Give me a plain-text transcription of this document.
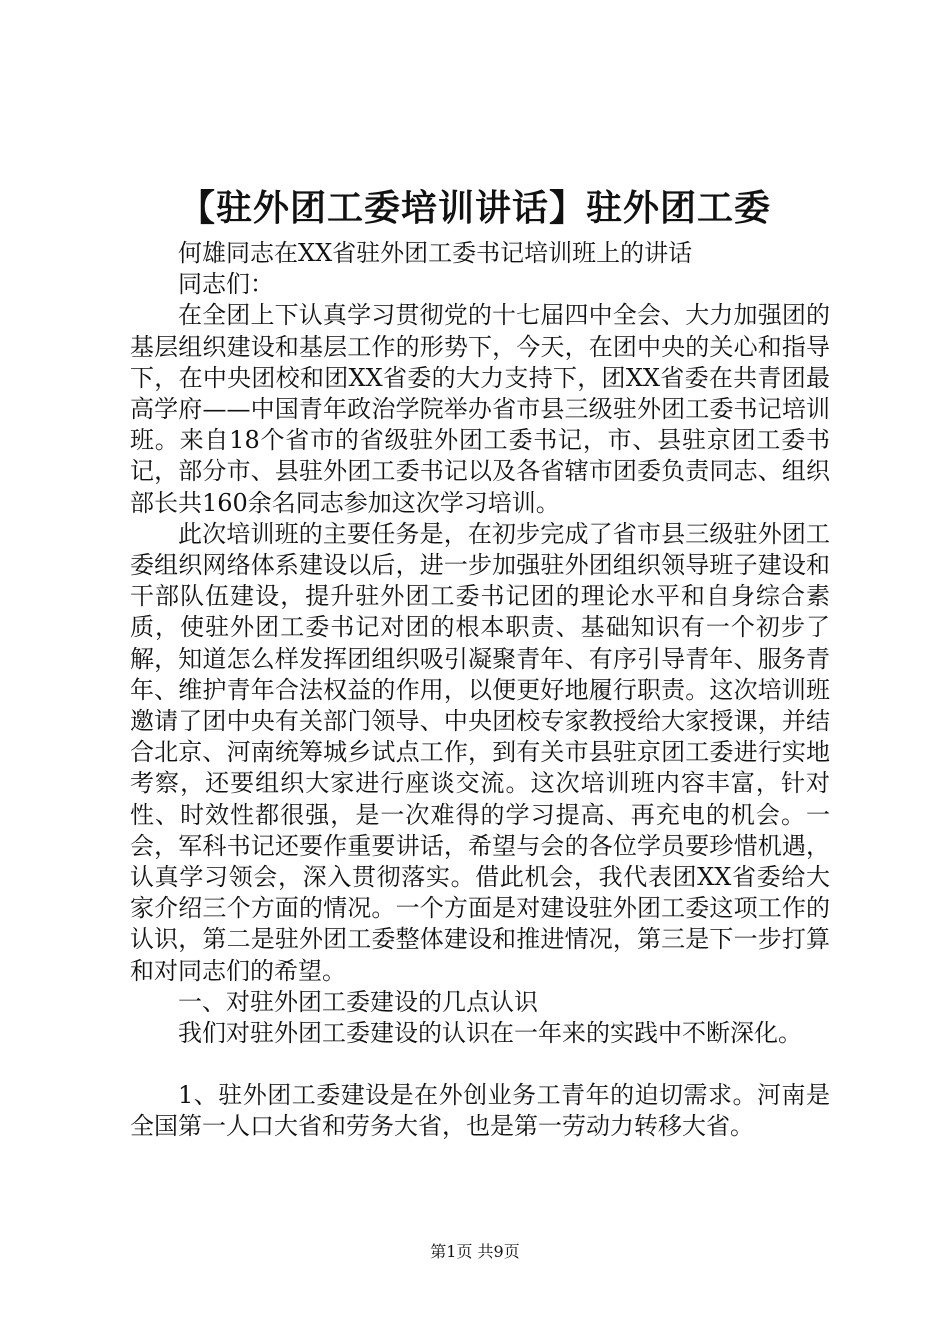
【驻外团工委培训讲话】驻外团工委

何雄同志在XX省驻外团工委书记培训班上的讲话

同志们：

在全团上下认真学习贯彻党的十七届四中全会、大力加强团的基层组织建设和基层工作的形势下，今天，在团中央的关心和指导下，在中央团校和团XX省委的大力支持下，团XX省委在共青团最高学府——中国青年政治学院举办省市县三级驻外团工委书记培训班。来自18个省市的省级驻外团工委书记，市、县驻京团工委书记，部分市、县驻外团工委书记以及各省辖市团委负责同志、组织部长共160余名同志参加这次学习培训。

此次培训班的主要任务是，在初步完成了省市县三级驻外团工委组织网络体系建设以后，进一步加强驻外团组织领导班子建设和干部队伍建设，提升驻外团工委书记团的理论水平和自身综合素质，使驻外团工委书记对团的根本职责、基础知识有一个初步了解，知道怎么样发挥团组织吸引凝聚青年、有序引导青年、服务青年、维护青年合法权益的作用，以便更好地履行职责。这次培训班邀请了团中央有关部门领导、中央团校专家教授给大家授课，并结合北京、河南统筹城乡试点工作，到有关市县驻京团工委进行实地考察，还要组织大家进行座谈交流。这次培训班内容丰富，针对性、时效性都很强，是一次难得的学习提高、再充电的机会。一会，军科书记还要作重要讲话，希望与会的各位学员要珍惜机遇，认真学习领会，深入贯彻落实。借此机会，我代表团XX省委给大家介绍三个方面的情况。一个方面是对建设驻外团工委这项工作的认识，第二是驻外团工委整体建设和推进情况，第三是下一步打算和对同志们的希望。

一、对驻外团工委建设的几点认识

我们对驻外团工委建设的认识在一年来的实践中不断深化。

1、驻外团工委建设是在外创业务工青年的迫切需求。河南是全国第一人口大省和劳务大省，也是第一劳动力转移大省。

第1页 共9页
